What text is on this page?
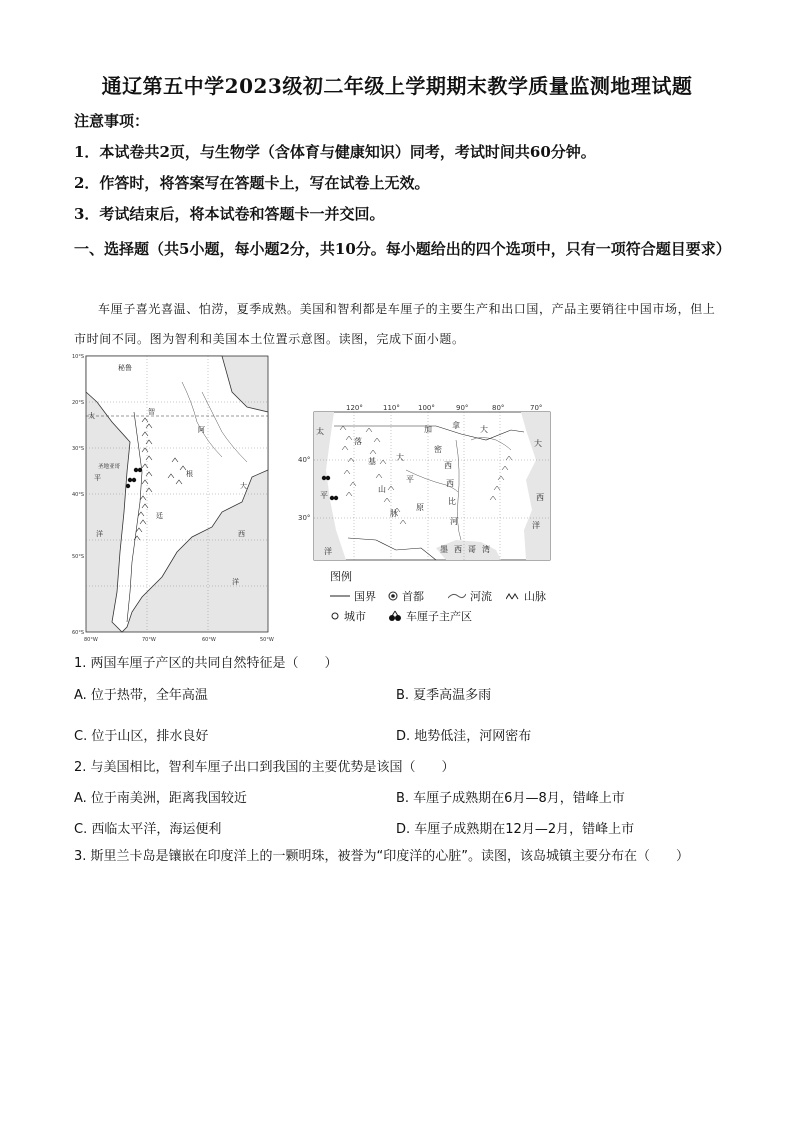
通辽第五中学2023级初二年级上学期期末教学质量监测地理试题
注意事项：
1．本试卷共2页，与生物学（含体育与健康知识）同考，考试时间共60分钟。
2．作答时，将答案写在答题卡上，写在试卷上无效。
3．考试结束后，将本试卷和答题卡一并交回。
一、选择题（共5小题，每小题2分，共10分。每小题给出的四个选项中，只有一项符合题目要求）
车厘子喜光喜温、怕涝，夏季成熟。美国和智利都是车厘子的主要生产和出口国，产品主要销往中国市场，但上市时间不同。图为智利和美国本土位置示意图。读图，完成下面小题。
10°S
20°S
30°S
40°S
50°S
60°S
80°W	70°W	60°W	50°W
秘鲁
太	智
阿
平
圣地亚哥
根
大
洋
廷
西
洋
120°	110°	100°	90°	80°	70°
40°
30°
太
平
洋
加	拿	大
落
基
山
脉
大
平
原
密
西
西
比
河
墨 西 哥 湾
大
西
洋
图例
国界 首都	河流	山脉
城市	车厘子主产区
1. 两国车厘子产区的共同自然特征是（　　）
A. 位于热带，全年高温	B. 夏季高温多雨
C. 位于山区，排水良好	D. 地势低洼，河网密布
2. 与美国相比，智利车厘子出口到我国的主要优势是该国（　　）
A. 位于南美洲，距离我国较近	B. 车厘子成熟期在6月—8月，错峰上市
C. 西临太平洋，海运便利	D. 车厘子成熟期在12月—2月，错峰上市
3. 斯里兰卡岛是镶嵌在印度洋上的一颗明珠，被誉为“印度洋的心脏”。读图，该岛城镇主要分布在（　　）
